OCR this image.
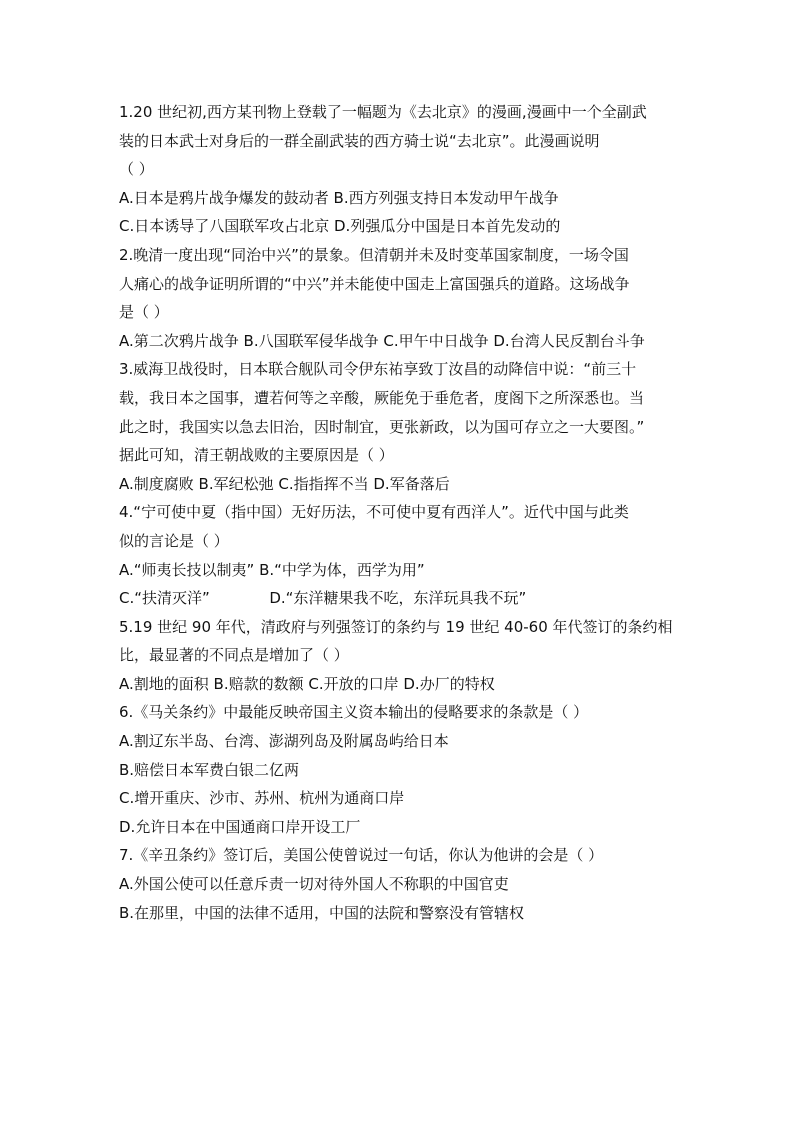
1.20 世纪初,西方某刊物上登载了一幅题为《去北京》的漫画,漫画中一个全副武
装的日本武士对身后的一群全副武装的西方骑士说“去北京”。此漫画说明
（ ）
A.日本是鸦片战争爆发的鼓动者 B.西方列强支持日本发动甲午战争
C.日本诱导了八国联军攻占北京 D.列强瓜分中国是日本首先发动的
2.晚清一度出现“同治中兴”的景象。但清朝并未及时变革国家制度，一场令国
人痛心的战争证明所谓的“中兴”并未能使中国走上富国强兵的道路。这场战争
是（ ）
A.第二次鸦片战争 B.八国联军侵华战争 C.甲午中日战争 D.台湾人民反割台斗争
3.威海卫战役时，日本联合舰队司令伊东祐享致丁汝昌的动降信中说：“前三十
载，我日本之国事，遭若何等之辛酸，厥能免于垂危者，度阁下之所深悉也。当
此之时，我国实以急去旧治，因时制宜，更张新政，以为国可存立之一大要图。”
据此可知，清王朝战败的主要原因是（ ）
A.制度腐败 B.军纪松弛 C.指指挥不当 D.军备落后
4.“宁可使中夏（指中国）无好历法，不可使中夏有西洋人”。近代中国与此类
似的言论是（ ）
A.“师夷长技以制夷” B.“中学为体，西学为用”
C.“扶清灭洋”	D.“东洋糖果我不吃，东洋玩具我不玩”
5.19 世纪 90 年代，清政府与列强签订的条约与 19 世纪 40-60 年代签订的条约相
比，最显著的不同点是增加了（ ）
A.割地的面积 B.赔款的数额 C.开放的口岸 D.办厂的特权
6.《马关条约》中最能反映帝国主义资本输出的侵略要求的条款是（ ）
A.割辽东半岛、台湾、澎湖列岛及附属岛屿给日本
B.赔偿日本军费白银二亿两
C.增开重庆、沙市、苏州、杭州为通商口岸
D.允许日本在中国通商口岸开设工厂
7.《辛丑条约》签订后，美国公使曾说过一句话，你认为他讲的会是（ ）
A.外国公使可以任意斥责一切对待外国人不称职的中国官吏
B.在那里，中国的法律不适用，中国的法院和警察没有管辖权
